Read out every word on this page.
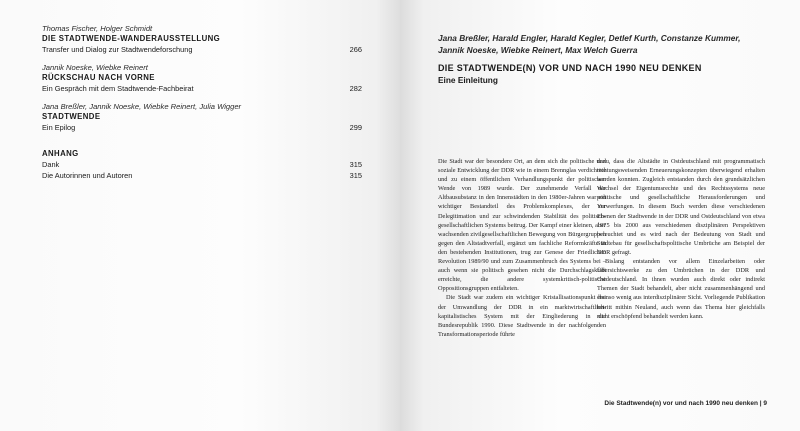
Thomas Fischer, Holger Schmidt
DIE STADTWENDE-WANDERAUSSTELLUNG
Transfer und Dialog zur Stadtwendeforschung	266
Jannik Noeske, Wiebke Reinert
RÜCKSCHAU NACH VORNE
Ein Gespräch mit dem Stadtwende-Fachbeirat	282
Jana Breßler, Jannik Noeske, Wiebke Reinert, Julia Wigger
STADTWENDE
Ein Epilog	299
ANHANG
Dank	315
Die Autorinnen und Autoren	315
Jana Breßler, Harald Engler, Harald Kegler, Detlef Kurth, Constanze Kummer,
Jannik Noeske, Wiebke Reinert, Max Welch Guerra
DIE STADTWENDE(N) VOR UND NACH 1990 NEU DENKEN
Eine Einleitung

Die Stadt war der besondere Ort, an dem sich die politische und soziale Entwicklung der DDR wie in einem Brennglas verdichtete und zu einem öffentlichen Verhandlungspunkt der politischen Wende von 1989 wurde. Der zunehmende Verfall der Altbausubstanz in den Innenstädten in den 1980er-Jahren war ein wichtiger Bestandteil des Problemkomplexes, der zur Delegitimation und zur schwindenden Stabilität des politisch-gesellschaftlichen Systems beitrug. Der Kampf einer kleinen, aber wachsenden zivilgesellschaftlichen Bewegung von Bürgergruppen gegen den Altstadtverfall, ergänzt um fachliche Reformkräfte in den bestehenden Institutionen, trug zur Genese der Friedlichen Revolution 1989/90 und zum Zusammenbruch des Systems bei – auch wenn sie politisch gesehen nicht die Durchschlagskraft erreichte, die andere systemkritisch-politische Oppositionsgruppen entfalteten.

Die Stadt war zudem ein wichtiger Kristallisationspunkt bei der Umwandlung der DDR in ein marktwirtschaftlich-kapitalistisches System mit der Eingliederung in die Bundesrepublik 1990. Diese Stadtwende in der nachfolgenden Transformationsperiode führte

dazu, dass die Altstädte in Ostdeutschland mit programmatisch richtungsweisenden Erneuerungskonzepten überwiegend erhalten werden konnten. Zugleich entstanden durch den grundsätzlichen Wechsel der Eigentumsrechte und des Rechtssystems neue politische und gesellschaftliche Herausforderungen und Verwerfungen. In diesem Buch werden diese verschiedenen Ebenen der Stadtwende in der DDR und Ostdeutschland von etwa 1975 bis 2000 aus verschiedenen disziplinären Perspektiven beleuchtet und es wird nach der Bedeutung von Stadt und Städtebau für gesellschaftspolitische Umbrüche am Beispiel der DDR gefragt.

Bislang entstanden vor allem Einzelarbeiten oder Übersichtswerke zu den Umbrüchen in der DDR und Ostdeutschland. In ihnen wurden auch direkt oder indirekt Themen der Stadt behandelt, aber nicht zusammenhängend und ebenso wenig aus interdisziplinärer Sicht. Vorliegende Publikation betritt mithin Neuland, auch wenn das Thema hier gleichfalls nicht erschöpfend behandelt werden kann.

Die Stadtwende(n) vor und nach 1990 neu denken | 9
